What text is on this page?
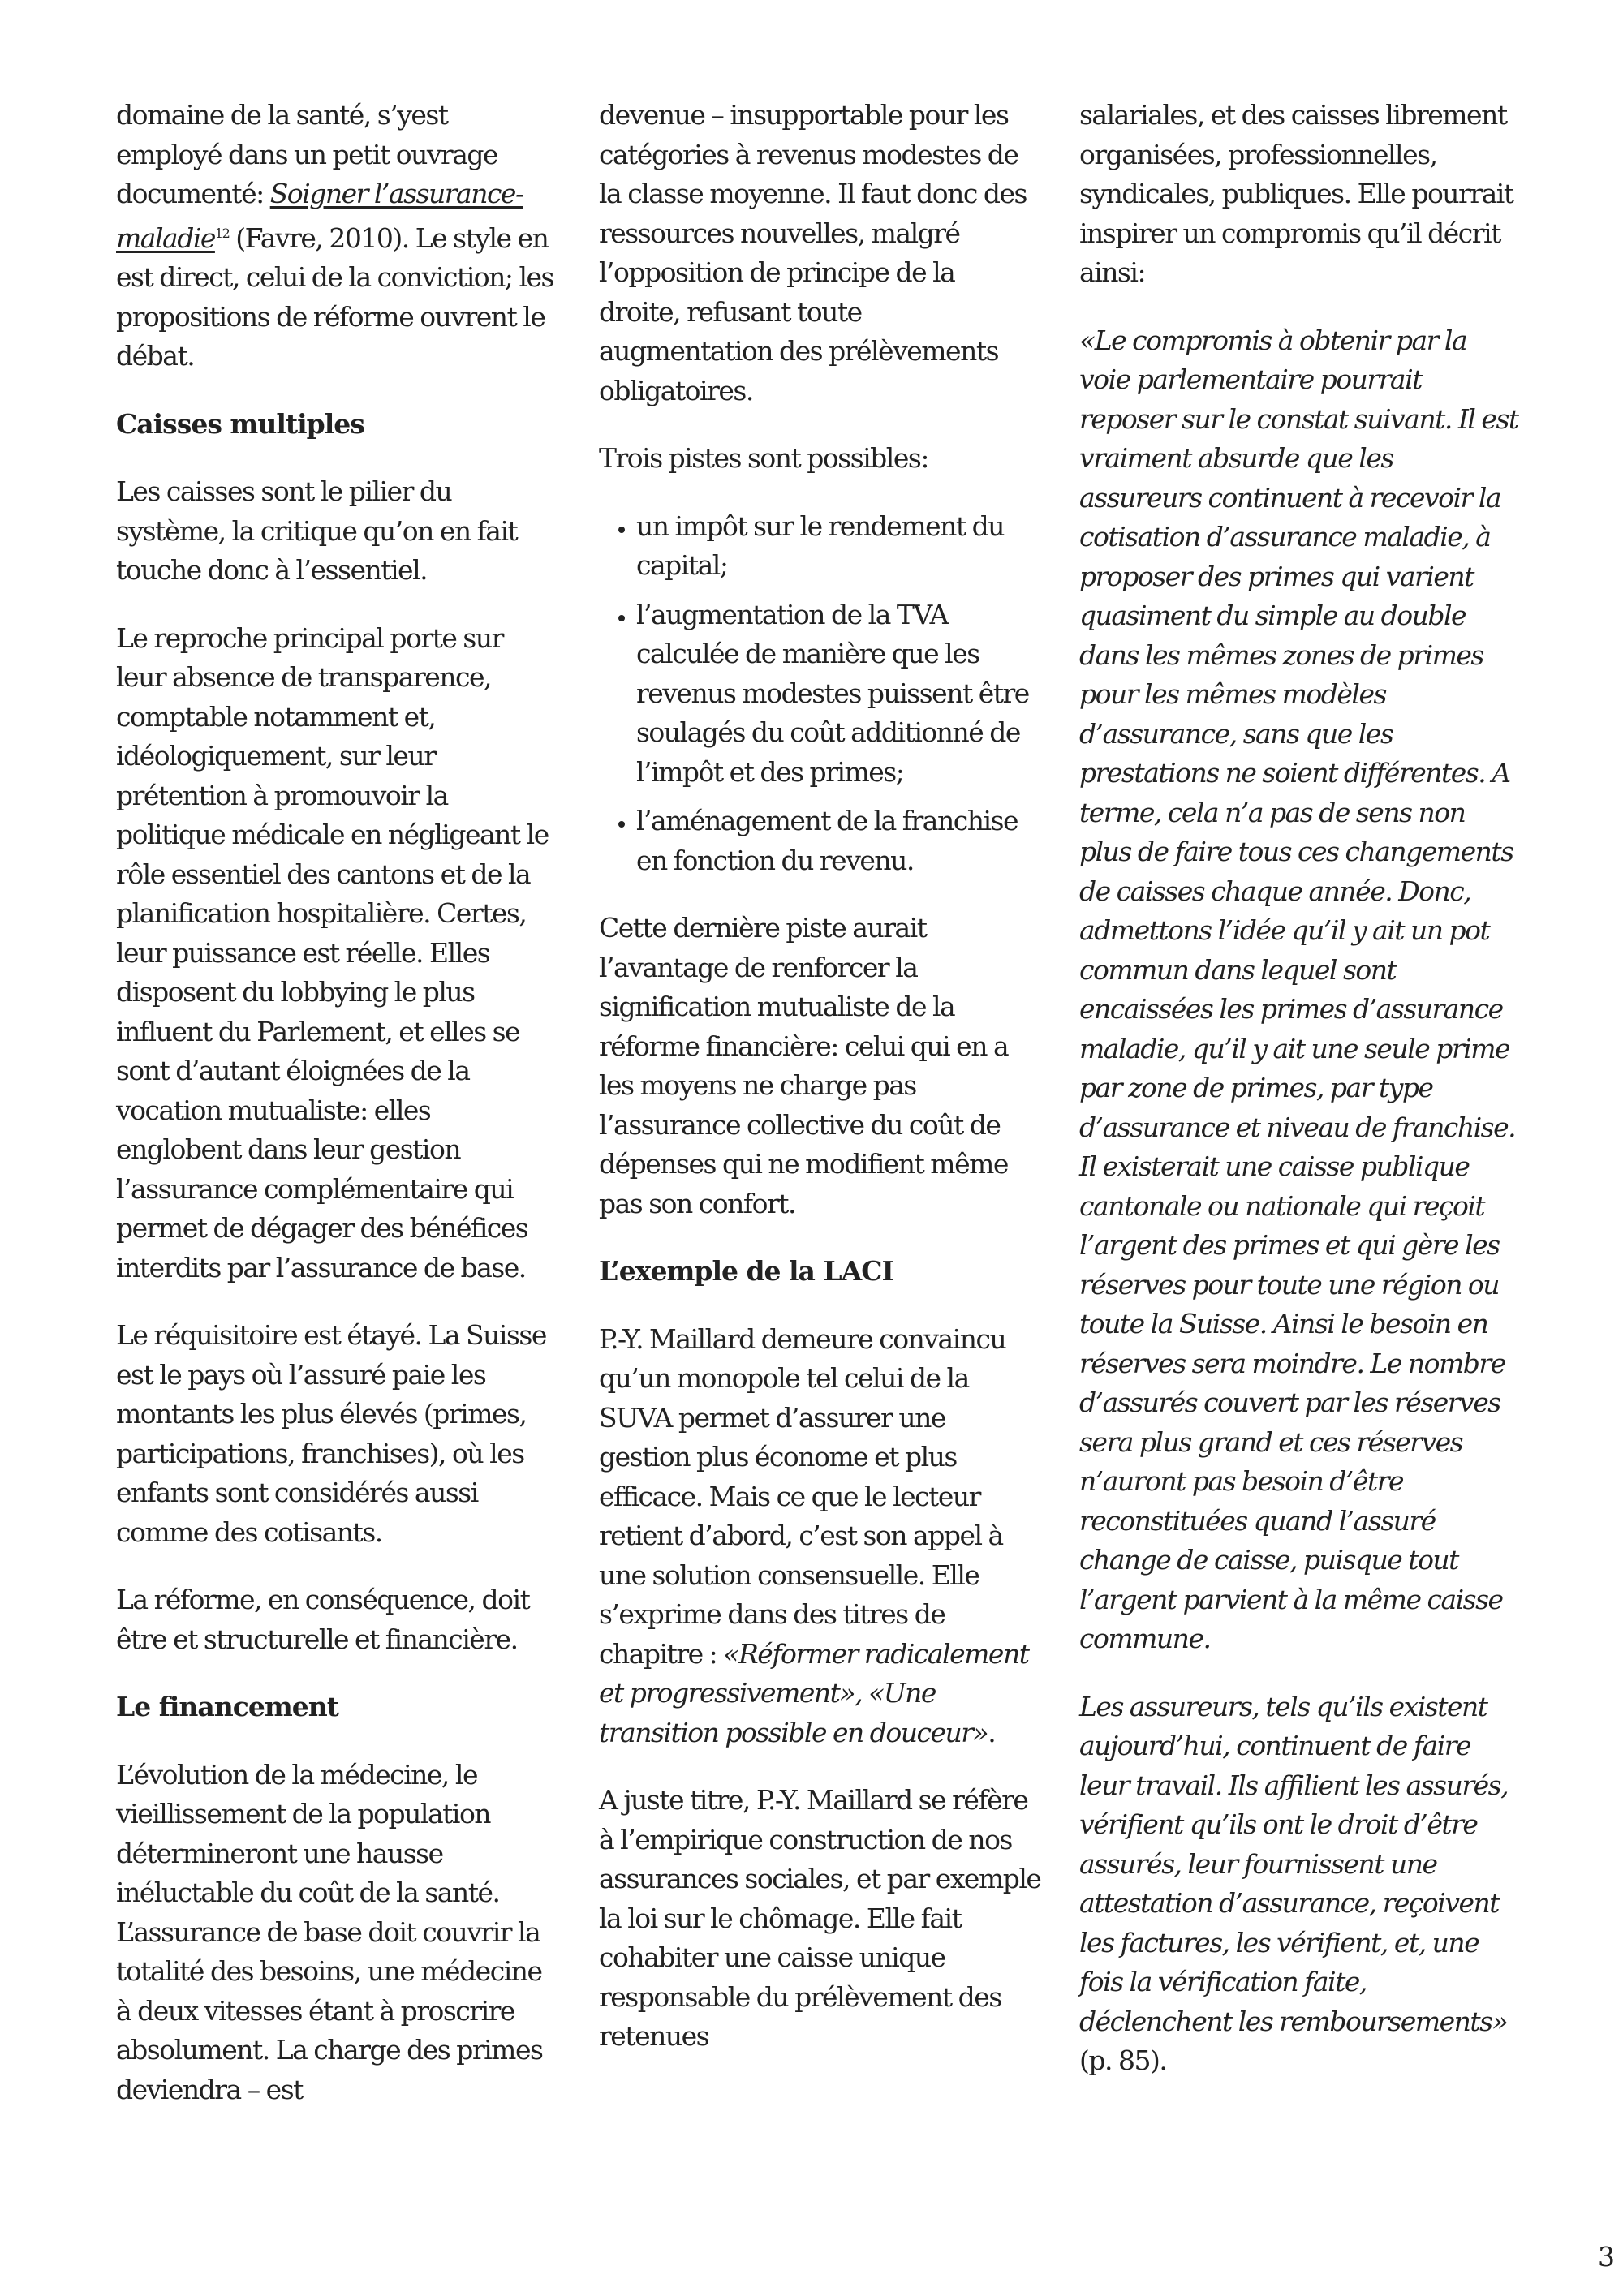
domaine de la santé, s’yest employé dans un petit ouvrage documenté: Soigner l’assurance-maladie$^{12}$ (Favre, 2010). Le style en est direct, celui de la conviction; les propositions de réforme ouvrent le débat.

Caisses multiples

Les caisses sont le pilier du système, la critique qu’on en fait touche donc à l’essentiel.

Le reproche principal porte sur leur absence de transparence, comptable notamment et, idéologiquement, sur leur prétention à promouvoir la politique médicale en négligeant le rôle essentiel des cantons et de la planification hospitalière. Certes, leur puissance est réelle. Elles disposent du lobbying le plus influent du Parlement, et elles se sont d’autant éloignées de la vocation mutualiste: elles englobent dans leur gestion l’assurance complémentaire qui permet de dégager des bénéfices interdits par l’assurance de base.

Le réquisitoire est étayé. La Suisse est le pays où l’assuré paie les montants les plus élevés (primes, participations, franchises), où les enfants sont considérés aussi comme des cotisants.

La réforme, en conséquence, doit être et structurelle et financière.

Le financement

L’évolution de la médecine, le vieillissement de la population détermineront une hausse inéluctable du coût de la santé. L’assurance de base doit couvrir la totalité des besoins, une médecine à deux vitesses étant à proscrire absolument. La charge des primes deviendra – est

devenue – insupportable pour les catégories à revenus modestes de la classe moyenne. Il faut donc des ressources nouvelles, malgré l’opposition de principe de la droite, refusant toute augmentation des prélèvements obligatoires.

Trois pistes sont possibles:

• un impôt sur le rendement du capital;
• l’augmentation de la TVA calculée de manière que les revenus modestes puissent être soulagés du coût additionné de l’impôt et des primes;
• l’aménagement de la franchise en fonction du revenu.

Cette dernière piste aurait l’avantage de renforcer la signification mutualiste de la réforme financière: celui qui en a les moyens ne charge pas l’assurance collective du coût de dépenses qui ne modifient même pas son confort.

L’exemple de la LACI

P.-Y. Maillard demeure convaincu qu’un monopole tel celui de la SUVA permet d’assurer une gestion plus économe et plus efficace. Mais ce que le lecteur retient d’abord, c’est son appel à une solution consensuelle. Elle s’exprime dans des titres de chapitre : «Réformer radicalement et progressivement», «Une transition possible en douceur».

A juste titre, P.-Y. Maillard se réfère à l’empirique construction de nos assurances sociales, et par exemple la loi sur le chômage. Elle fait cohabiter une caisse unique responsable du prélèvement des retenues

salariales, et des caisses librement organisées, professionnelles, syndicales, publiques. Elle pourrait inspirer un compromis qu’il décrit ainsi:

«Le compromis à obtenir par la voie parlementaire pourrait reposer sur le constat suivant. Il est vraiment absurde que les assureurs continuent à recevoir la cotisation d’assurance maladie, à proposer des primes qui varient quasiment du simple au double dans les mêmes zones de primes pour les mêmes modèles d’assurance, sans que les prestations ne soient différentes. A terme, cela n’a pas de sens non plus de faire tous ces changements de caisses chaque année. Donc, admettons l’idée qu’il y ait un pot commun dans lequel sont encaissées les primes d’assurance maladie, qu’il y ait une seule prime par zone de primes, par type d’assurance et niveau de franchise. Il existerait une caisse publique cantonale ou nationale qui reçoit l’argent des primes et qui gère les réserves pour toute une région ou toute la Suisse. Ainsi le besoin en réserves sera moindre. Le nombre d’assurés couvert par les réserves sera plus grand et ces réserves n’auront pas besoin d’être reconstituées quand l’assuré change de caisse, puisque tout l’argent parvient à la même caisse commune.

Les assureurs, tels qu’ils existent aujourd’hui, continuent de faire leur travail. Ils affilient les assurés, vérifient qu’ils ont le droit d’être assurés, leur fournissent une attestation d’assurance, reçoivent les factures, les vérifient, et, une fois la vérification faite, déclenchent les remboursements» (p. 85).

3
